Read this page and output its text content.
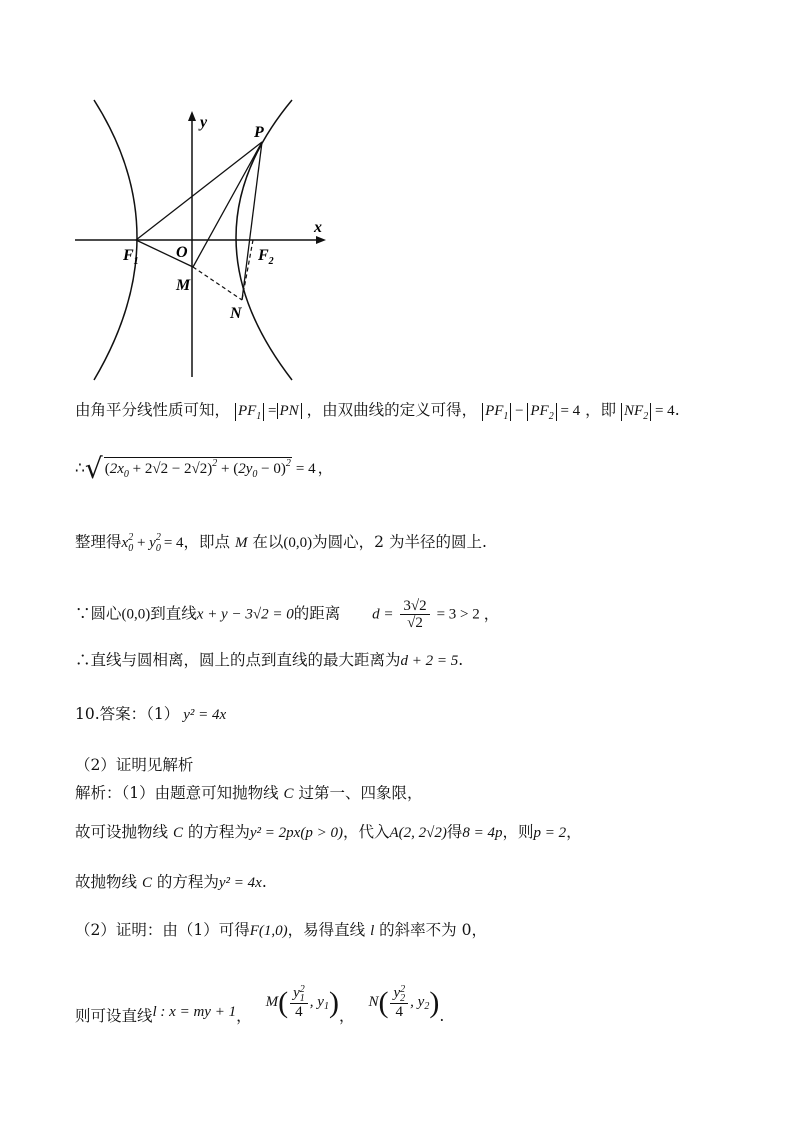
y
x
P
O
$F_1$	$F_2$
M
N
由角平分线性质可知， $PF_1$ = PN ，由双曲线的定义可得， $PF_1 - PF_2 = 4$ ，即 $NF_2 = 4$.
∴√ $(2x_0 + 2√2 - 2√2)^2 + (2y_0 - 0)^2 = 4$ ，
整理得$x^2_0 + y^2_0 = 4$，即点 M 在以(0,0)为圆心，2 为半径的圆上.
∵圆心(0,0)到直线x + y − 3√2 = 0的距离 $d = \frac{3√2}{√2} = 3 > 2$ ，
∴直线与圆相离，圆上的点到直线的最大距离为d + 2 = 5.
10.答案：（1） y² = 4x
（2）证明见解析
解析：（1）由题意可知抛物线 C 过第一、四象限，
故可设抛物线 C 的方程为y² = 2px(p > 0)，代入A(2, 2√2)得8 = 4p，则p = 2，
故抛物线 C 的方程为y² = 4x.
（2）证明：由（1）可得F(1,0)，易得直线 l 的斜率不为 0，
则可设直线 l : x = my + 1 ，
M ( $\frac{y^2_1}{4}$ , y 1 ) ，
N ( $\frac{y^2_2}{4}$ , y 2 ) .
